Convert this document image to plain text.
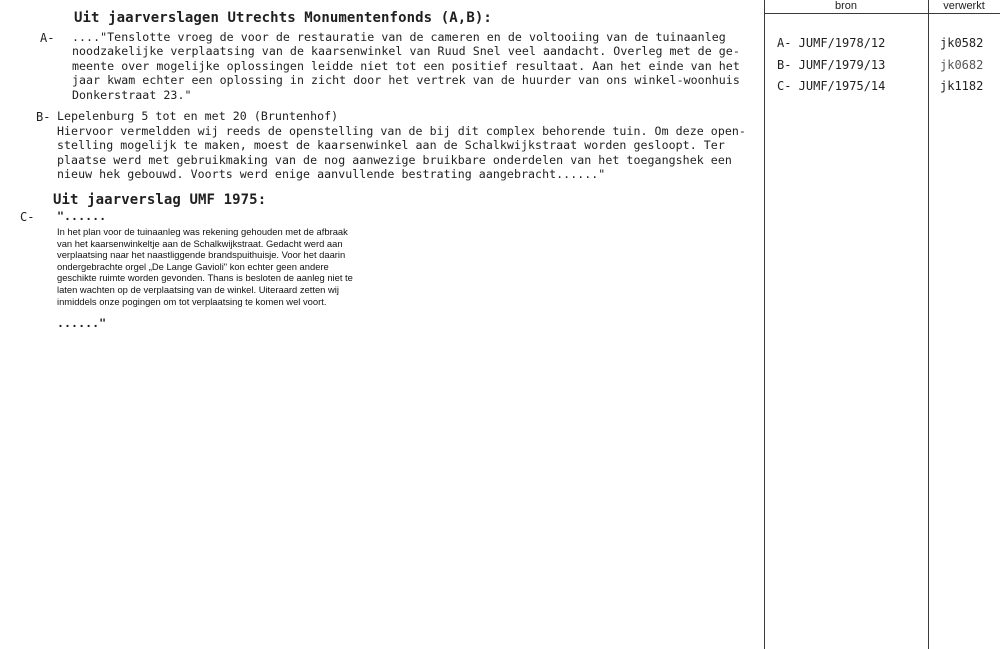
bron	verwerkt
Uit jaarverslagen Utrechts Monumentenfonds (A,B):
A- ...."Tenslotte vroeg de voor de restauratie van de cameren en de voltooiing van de tuinaanleg
noodzakelijke verplaatsing van de kaarsenwinkel van Ruud Snel veel aandacht. Overleg met de ge-
meente over mogelijke oplossingen leidde niet tot een positief resultaat. Aan het einde van het
jaar kwam echter een oplossing in zicht door het vertrek van de huurder van ons winkel-woonhuis
Donkerstraat 23."
B- Lepelenburg 5 tot en met 20 (Bruntenhof)
Hiervoor vermeldden wij reeds de openstelling van de bij dit complex behorende tuin. Om deze open-
stelling mogelijk te maken, moest de kaarsenwinkel aan de Schalkwijkstraat worden gesloopt. Ter
plaatse werd met gebruikmaking van de nog aanwezige bruikbare onderdelen van het toegangshek een
nieuw hek gebouwd. Voorts werd enige aanvullende bestrating aangebracht......"
Uit jaarverslag UMF 1975:
C- "......
In het plan voor de tuinaanleg was rekening gehouden met de afbraak
van het kaarsenwinkeltje aan de Schalkwijkstraat. Gedacht werd aan
verplaatsing naar het naastliggende brandspuithuisje. Voor het daarin
ondergebrachte orgel „De Lange Gavioli" kon echter geen andere
geschikte ruimte worden gevonden. Thans is besloten de aanleg niet te
laten wachten op de verplaatsing van de winkel. Uiteraard zetten wij
inmiddels onze pogingen om tot verplaatsing te komen wel voort.
......"
A- JUMF/1978/12
B- JUMF/1979/13
C- JUMF/1975/14
jk0582
jk0682
jk1182
